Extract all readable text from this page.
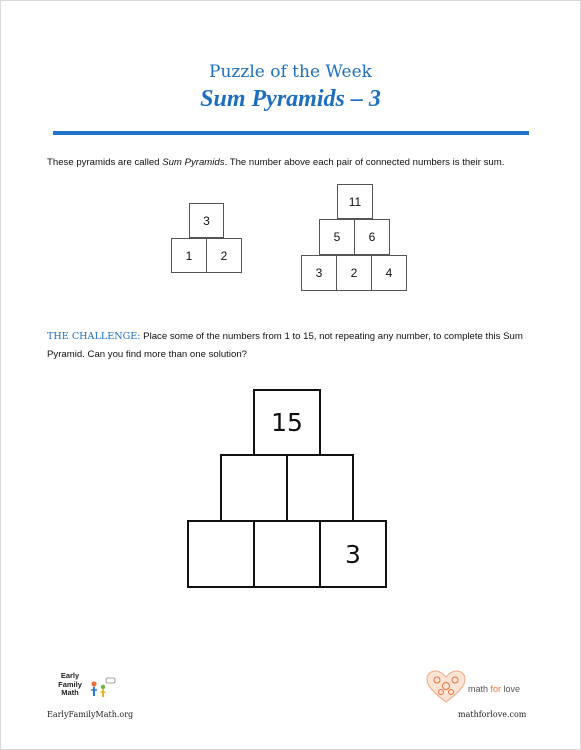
Puzzle of the Week
Sum Pyramids – 3
These pyramids are called Sum Pyramids. The number above each pair of connected numbers is their sum.
3
1	2
11
5	6
3	2	4
THE CHALLENGE: Place some of the numbers from 1 to 15, not repeating any number, to complete this Sum Pyramid. Can you find more than one solution?
15
3
Early Family Math
EarlyFamilyMath.org
math for love
mathforlove.com
